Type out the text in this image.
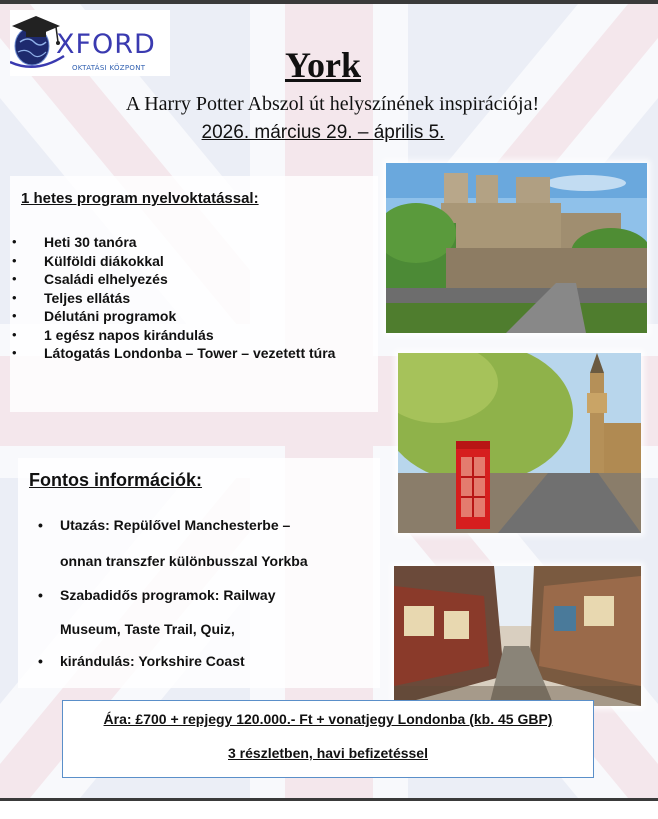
XFORD
OKTATÁSI KÖZPONT	York
A Harry Potter Abszol út helyszínének inspirációja!
2026. március 29. – április 5.
1 hetes program nyelvoktatással:
• Heti 30 tanóra
• Külföldi diákokkal
• Családi elhelyezés
• Teljes ellátás
• Délutáni programok
• 1 egész napos kirándulás
• Látogatás Londonba – Tower – vezetett túra
Fontos információk:
• Utazás: Repülővel Manchesterbe –
onnan transzfer különbusszal Yorkba
• Szabadidős programok: Railway
Museum, Taste Trail, Quiz,
• kirándulás: Yorkshire Coast
Ára: £700 + repjegy 120.000.- Ft + vonatjegy Londonba (kb. 45 GBP)
3 részletben, havi befizetéssel
